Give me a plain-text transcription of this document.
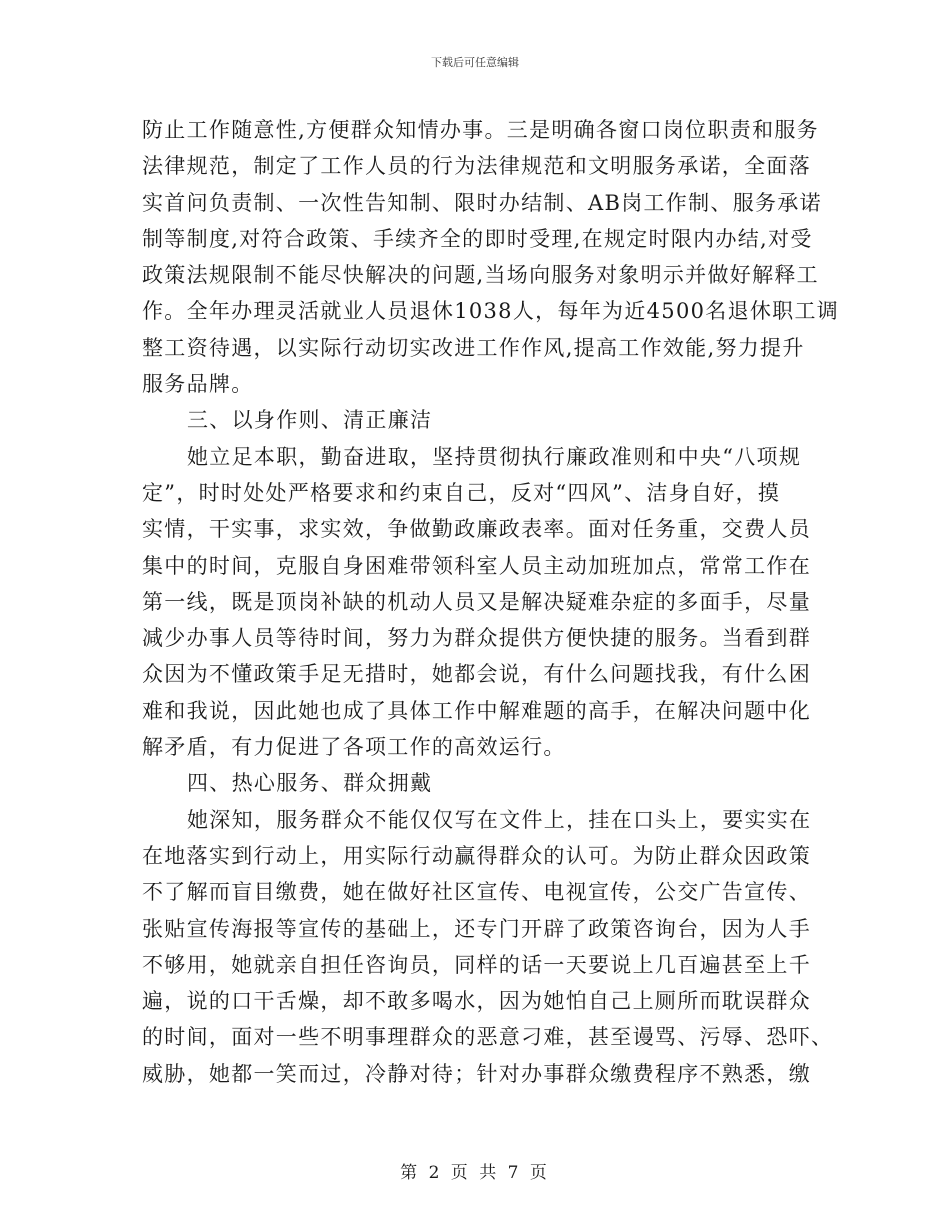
下载后可任意编辑
防止工作随意性,方便群众知情办事。三是明确各窗口岗位职责和服务
法律规范，制定了工作人员的行为法律规范和文明服务承诺，全面落
实首问负责制、一次性告知制、限时办结制、AB岗工作制、服务承诺
制等制度,对符合政策、手续齐全的即时受理,在规定时限内办结,对受
政策法规限制不能尽快解决的问题,当场向服务对象明示并做好解释工
作。全年办理灵活就业人员退休1038人，每年为近4500名退休职工调
整工资待遇，以实际行动切实改进工作作风,提高工作效能,努力提升
服务品牌。
三、以身作则、清正廉洁
她立足本职，勤奋进取，坚持贯彻执行廉政准则和中央“八项规
定”，时时处处严格要求和约束自己，反对“四风”、洁身自好，摸
实情，干实事，求实效，争做勤政廉政表率。面对任务重，交费人员
集中的时间，克服自身困难带领科室人员主动加班加点，常常工作在
第一线，既是顶岗补缺的机动人员又是解决疑难杂症的多面手，尽量
减少办事人员等待时间，努力为群众提供方便快捷的服务。当看到群
众因为不懂政策手足无措时，她都会说，有什么问题找我，有什么困
难和我说，因此她也成了具体工作中解难题的高手，在解决问题中化
解矛盾，有力促进了各项工作的高效运行。
四、热心服务、群众拥戴
她深知，服务群众不能仅仅写在文件上，挂在口头上，要实实在
在地落实到行动上，用实际行动赢得群众的认可。为防止群众因政策
不了解而盲目缴费，她在做好社区宣传、电视宣传，公交广告宣传、
张贴宣传海报等宣传的基础上，还专门开辟了政策咨询台，因为人手
不够用，她就亲自担任咨询员，同样的话一天要说上几百遍甚至上千
遍，说的口干舌燥，却不敢多喝水，因为她怕自己上厕所而耽误群众
的时间，面对一些不明事理群众的恶意刁难，甚至谩骂、污辱、恐吓、
威胁，她都一笑而过，冷静对待；针对办事群众缴费程序不熟悉，缴
第 2 页 共 7 页
